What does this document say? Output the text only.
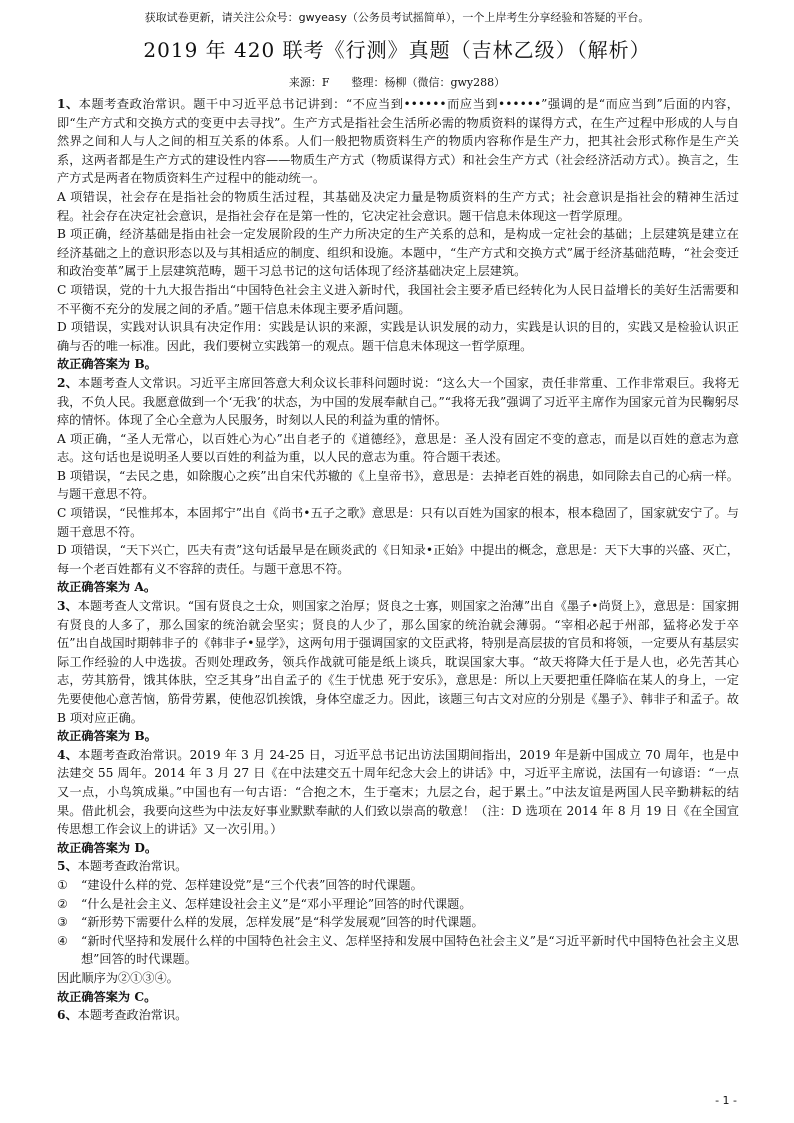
获取试卷更新，请关注公众号：gwyeasy（公务员考试摇简单），一个上岸考生分享经验和答疑的平台。
2019 年 420 联考《行测》真题（吉林乙级）（解析）
来源：F　　整理：杨柳（微信：gwy288）

1、本题考查政治常识。题干中习近平总书记讲到：“不应当到••••••而应当到••••••”强调的是“而应当到”后面的内容，即“生产方式和交换方式的变更中去寻找”。生产方式是指社会生活所必需的物质资料的谋得方式，在生产过程中形成的人与自然界之间和人与人之间的相互关系的体系。人们一般把物质资料生产的物质内容称作是生产力，把其社会形式称作是生产关系，这两者都是生产方式的建设性内容——物质生产方式（物质谋得方式）和社会生产方式（社会经济活动方式）。换言之，生产方式是两者在物质资料生产过程中的能动统一。

A 项错误，社会存在是指社会的物质生活过程，其基础及决定力量是物质资料的生产方式；社会意识是指社会的精神生活过程。社会存在决定社会意识，是指社会存在是第一性的，它决定社会意识。题干信息未体现这一哲学原理。

B 项正确，经济基础是指由社会一定发展阶段的生产力所决定的生产关系的总和，是构成一定社会的基础；上层建筑是建立在经济基础之上的意识形态以及与其相适应的制度、组织和设施。本题中，“生产方式和交换方式”属于经济基础范畴，“社会变迁和政治变革”属于上层建筑范畴，题干习总书记的这句话体现了经济基础决定上层建筑。

C 项错误，党的十九大报告指出“中国特色社会主义进入新时代，我国社会主要矛盾已经转化为人民日益增长的美好生活需要和不平衡不充分的发展之间的矛盾。”题干信息未体现主要矛盾问题。

D 项错误，实践对认识具有决定作用：实践是认识的来源，实践是认识发展的动力，实践是认识的目的，实践又是检验认识正确与否的唯一标准。因此，我们要树立实践第一的观点。题干信息未体现这一哲学原理。

故正确答案为 B。

2、本题考查人文常识。习近平主席回答意大利众议长菲科问题时说：“这么大一个国家，责任非常重、工作非常艰巨。我将无我，不负人民。我愿意做到一个‘无我’的状态，为中国的发展奉献自己。”“我将无我”强调了习近平主席作为国家元首为民鞠躬尽瘁的情怀。体现了全心全意为人民服务，时刻以人民的利益为重的情怀。

A 项正确，“圣人无常心，以百姓心为心”出自老子的《道德经》，意思是：圣人没有固定不变的意志，而是以百姓的意志为意志。这句话也是说明圣人要以百姓的利益为重，以人民的意志为重。符合题干表述。

B 项错误，“去民之患，如除腹心之疾”出自宋代苏辙的《上皇帝书》，意思是：去掉老百姓的祸患，如同除去自己的心病一样。与题干意思不符。

C 项错误，“民惟邦本，本固邦宁”出自《尚书•五子之歌》意思是：只有以百姓为国家的根本，根本稳固了，国家就安宁了。与题干意思不符。

D 项错误，“天下兴亡，匹夫有责”这句话最早是在顾炎武的《日知录•正始》中提出的概念，意思是：天下大事的兴盛、灭亡，每一个老百姓都有义不容辞的责任。与题干意思不符。

故正确答案为 A。

3、本题考查人文常识。“国有贤良之士众，则国家之治厚；贤良之士寡，则国家之治薄”出自《墨子•尚贤上》，意思是：国家拥有贤良的人多了，那么国家的统治就会坚实；贤良的人少了，那么国家的统治就会薄弱。“宰相必起于州部，猛将必发于卒伍”出自战国时期韩非子的《韩非子•显学》，这两句用于强调国家的文臣武将，特别是高层拔的官员和将领，一定要从有基层实际工作经验的人中选拔。否则处理政务，领兵作战就可能是纸上谈兵，耽误国家大事。“故天将降大任于是人也，必先苦其心志，劳其筋骨，饿其体肤，空乏其身”出自孟子的《生于忧患 死于安乐》，意思是：所以上天要把重任降临在某人的身上，一定先要使他心意苦恼，筋骨劳累，使他忍饥挨饿，身体空虚乏力。因此，该题三句古文对应的分别是《墨子》、韩非子和孟子。故 B 项对应正确。

故正确答案为 B。

4、本题考查政治常识。2019 年 3 月 24-25 日，习近平总书记出访法国期间指出，2019 年是新中国成立 70 周年，也是中法建交 55 周年。2014 年 3 月 27 日《在中法建交五十周年纪念大会上的讲话》中，习近平主席说，法国有一句谚语：“一点又一点，小鸟筑成巢。”中国也有一句古语：“合抱之木，生于毫末；九层之台，起于累土。”中法友谊是两国人民辛勤耕耘的结果。借此机会，我要向这些为中法友好事业默默奉献的人们致以崇高的敬意！（注：D 选项在 2014 年 8 月 19 日《在全国宣传思想工作会议上的讲话》又一次引用。）

故正确答案为 D。

5、本题考查政治常识。

①	“建设什么样的党、怎样建设党”是“三个代表”回答的时代课题。
②	“什么是社会主义、怎样建设社会主义”是“邓小平理论”回答的时代课题。
③	“新形势下需要什么样的发展，怎样发展”是“科学发展观”回答的时代课题。
④	“新时代坚持和发展什么样的中国特色社会主义、怎样坚持和发展中国特色社会主义”是“习近平新时代中国特色社会主义思想”回答的时代课题。

因此顺序为②①③④。

故正确答案为 C。

6、本题考查政治常识。

- 1 -
